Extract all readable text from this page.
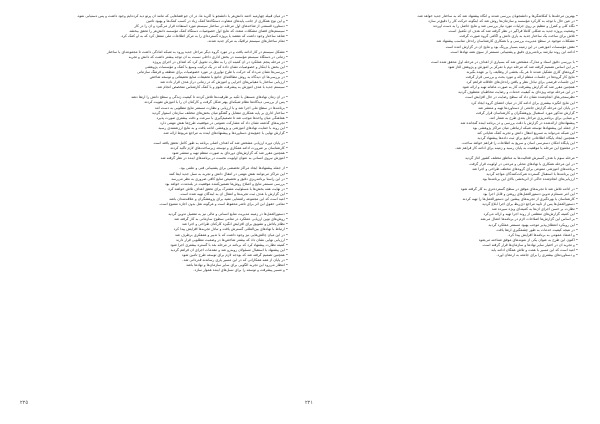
• در میان قبیله چهارمیه احمد دانش‌هر با دانشجو با آکرید ما، در آن جو فضاهایی که مانند آن پرتو دید کرده‌ایم وجود داشت و پس دستیابی نمود.
• و این نوع همکاری از جانب پایه‌های متفاوت دستگاه‌ها کمک زیاد در کسب کمک‌ها و بهبود تأمین
• دستاورد قسمتی از شاخه‌های اول مرحله در ساختار سیستم مورد استفاده قرار می‌گیرد و آن را در کار
• سیستم‌های فضای مشکلات متعدد که نتایج اول خصوصیات دستگاه کمک مؤسسه دانش‌هر را تحقق ببخشد
• شاهد ساختار وجود داشت که مقصد یا پروژه گسترده‌ای را به مرکز اطلاعات ملی منتقل کرد که به او کمک کرد.
• تمام ساختارهای سیستم ترافیک به مرکز جدید شدند.
• مشکل سیستم در کار ادامه یافت و در مورد گروه دیگر مراحل جدید ورود به شبکه آمادگی داشت تا مجموعه‌ای با ساختار
• زمانی در دستگاه سیستم مؤسسه در بخش اداری داخلی نسبت به آن توجه بیشتر داشت که دانش و تجربه
• در مرحله پنجم عملکرد در آن کمیته آن را به نظارت تحویل کرد که اهداف در اجرای پروژه
• این بخش با ابتکار و خصوصیات نشان داده که در یک ترکیب وسیع با کمک و مؤسسات پژوهشی
• بررسی‌ها نشان می‌داد که حرکت با طرح نوآوری در مورد خصوصیات برای منطقه و فرهنگ سازمانی
• در بررسی‌ها آن دیدگاه به روش مطالعه‌ای جامع با تحقیقات منابع تحقیقاتی و توسعه شاخص
• ارزیابی ساختار با مقیاس‌های اجرایی و آموزش که در زمانی دراز هدف قرار داده شد
• سیستم جدید با هدف آموزش به پیشرفت علوم و با کمک کارشناس متخصص انجام شد.
• در آن زمان نهادهای مستقل با تکیه بر ظرفیت‌ها تلاش کردند تا کیفیت زندگی و سطح دانش را ارتقا دهند
• پس از بررسی دیدگاه‌ها نظام شبکه‌ای بهتر شکل گرفت و کارکنان آن را با آموزش تقویت کردند
• برنامه‌ها در سطح ملی اجرا شد و با ارزیابی و نظارت مستمر نتایج مطلوبی به دست آمد
• ساختار اداری بر پایه همکاری متقابل و گفتگو میان بخش‌های مختلف سازمان استوار گردید
• هماهنگی میان واحدها موجب شد تا تصمیم‌گیری با سرعت و دقت بیشتری صورت پذیرد
• تجربه‌های گذشته نشان داد که مشارکت عمومی در موفقیت طرح‌ها نقش مهمی دارد
• این روند با حمایت نهادهای آموزشی و پژوهشی ادامه یافت و به نتایج ارزشمندی رسید
• گزارش نهایی با جمع‌بندی دستاوردها و پیشنهادهای آینده به مراجع مربوط ارائه شد.
• در پایان دوره ارزیابی مشخص شد که اهداف اصلی برنامه به طور کامل تحقق یافته است
• کارشناسان بر ضرورت ادامه همکاری و توسعه زیرساخت‌های لازم تأکید کردند
• همچنین مقرر شد که گزارش‌های دوره‌ای به صورت منظم تهیه و منتشر شود
• آموزش نیروی انسانی به عنوان اولویت نخست در برنامه‌های آینده در نظر گرفته شد
• از جمله پیشنهادها ایجاد مراکز تخصصی برای پشتیبانی فنی و علمی بود.
• این مراکز می‌توانند نقش مهمی در انتقال دانش و تجربه به نسل جدید ایفا کنند
• در این راستا برنامه‌ریزی دقیق و تخصیص منابع کافی ضروری به نظر می‌رسد
• بررسی مستمر نتایج و اصلاح روش‌ها تضمین‌کننده موفقیت در بلندمدت خواهد بود
• در نهایت همه بخش‌ها با مسئولیت مشترک برای تحقق اهداف تلاش خواهند کرد
• این گزارش با هدف ثبت تجربه‌ها و انتقال آن به آیندگان تهیه شده است.
• امید است که این مجموعه راهنمایی مفید برای پژوهشگران و علاقه‌مندان باشد
• تمامی حقوق این اثر برای ناشر محفوظ است و هرگونه نقل بدون اجازه ممنوع است.
• دستورالعمل‌ها در زمینه مدیریت منابع انسانی و مالی نیز به تفصیل تدوین گردید
• روش‌های نوین ارزیابی عملکرد در تمامی سطوح سازمانی به کار گرفته شد
• نظام پاداش و تشویق برای افزایش انگیزه کارکنان طراحی و اجرا شد
• ارتباط با نهادهای بین‌المللی گسترش یافت و تبادل تجربه‌ها افزایش پیدا کرد
• در این میان چالش‌هایی نیز وجود داشت که با تدبیر و همفکری برطرف شد
• ارزیابی نهایی نشان داد که بیشتر شاخص‌ها در وضعیت مطلوبی قرار دارند
• کمیته نظارت پیشنهاد کرد که برنامه در مرحله بعد با گستره بیشتری اجرا شود
• این پیشنهاد با استقبال مسئولان روبه‌رو شد و مقدمات اجرای آن فراهم گردید
• همچنین تصمیم گرفته شد که بودجه لازم برای توسعه طرح تأمین شود
• در پایان از همه همکارانی که در این مسیر یاری رساندند قدردانی شد.
• انتظار می‌رود این تجربه الگویی برای سایر سازمان‌ها و نهادها باشد
• و مسیر پیشرفت و توسعه را برای نسل‌های آینده هموار سازد.
• بهترین مرحله‌ها با کنکاشگرها و دانشجویان بررسی شدند و آنگاه پیشنهاد شد که به ساختار جدید خواهد شد.
• در عین حال با توجه به کارکرد مؤسسه و سازمان‌ها روش شد که اینگونه حرکت کار را دقیق‌تر سازد
• نگاه کلی و کنترل و تنظیم بر روی جزئیات مورد نیاز بررسی شد و نتایج حاصل را به دست آوردند
• وضعیت پروژه جدید به شکلی کاملاً فراگیر در نظر گرفته شد که هدف آن تکمیل است.
• تلاش برای ساخت یک ساختار جدید به یاری دانش و آگاهی گروه صورت گرفت.
• مشکلات موجود در سطح مدیریت بررسی و با همکاری کارشناسان راه‌حل مناسب پیشنهاد شد
• نقش مؤسسات آموزشی در این زمینه بسیار پررنگ بود و نتایج آن در گزارش آمده است
• ادامه این روند نیازمند برنامه‌ریزی دقیق و پشتیبانی مستمر از سوی همه نهادها است.
• با بررسی دقیق اسناد و مدارک مشخص شد که بسیاری از اهداف در مرحله اول محقق شده است
• بر این اساس تصمیم گرفته شد که مرحله دوم با تمرکز بر آموزش و پژوهش آغاز شود
• گروه‌های کاری تشکیل شدند تا هر یک بخشی از وظایف را بر عهده بگیرند
• نتایج کار گروه‌ها در جلسات منظم ارائه و مورد بحث و بررسی قرار گرفت
• این جلسات فرصتی برای تبادل نظر و یافتن راه‌حل‌های خلاقانه فراهم کرد
• همچنین مقرر شد که گزارش پیشرفت کار به صورت ماهانه تهیه و ارائه شود
• در این مرحله توجه ویژه‌ای به کیفیت خدمات و رضایت مخاطبان معطوف گردید
• نظرسنجی‌های انجام‌شده نشان داد که سطح رضایت در حال افزایش است
• این نتایج انگیزه بیشتری برای ادامه کار در میان اعضای گروه ایجاد کرد
• در پایان این مرحله گزارش جامعی از دستاوردها تهیه و منتشر شد
• گزارش مذکور مورد استقبال پژوهشگران و کارشناسان قرار گرفت
• و مبنایی برای برنامه‌ریزی مراحل بعدی طرح به شمار آمد.
• پیشنهادهای ارائه‌شده در گزارش با دقت بررسی و در برنامه آینده گنجانده شد
• از جمله این پیشنهادها توسعه شبکه ارتباطی میان مراکز پژوهشی بود
• این شبکه می‌تواند به تسریع انتقال دانش و تجربه کمک شایانی کند
• همچنین ایجاد پایگاه اطلاعاتی جامع برای ثبت داده‌ها پیشنهاد گردید
• این پایگاه امکان دسترسی آسان و سریع به اطلاعات را فراهم خواهد ساخت.
• در مجموع این مرحله با موفقیت به پایان رسید و زمینه برای ادامه کار فراهم شد.
• مرحله سوم با هدف گسترش فعالیت‌ها به مناطق مختلف کشور آغاز گردید
• در این مرحله همکاری با نهادهای محلی و مردمی در اولویت قرار گرفت
• برنامه‌های آموزشی متنوعی برای گروه‌های مختلف طراحی و اجرا شد
• این برنامه‌ها با استقبال گسترده شرکت‌کنندگان مواجه گردید
• ارزیابی‌های انجام‌شده حاکی از اثربخشی بالای این برنامه‌ها بود
• در ادامه تلاش شد تا تجربه‌های موفق در سطح گسترده‌تری به کار گرفته شود
• این امر مستلزم تدوین دستورالعمل‌های روشن و قابل اجرا بود
• کارشناسان با بهره‌گیری از تجربه‌های پیشین این دستورالعمل‌ها را تهیه کردند
• دستورالعمل‌ها پس از تأیید مراجع ذی‌ربط برای اجرا ابلاغ گردید
• نظارت بر حسن اجرای آن‌ها به کمیته‌ای ویژه سپرده شد
• این کمیته گزارش‌های منظمی از روند اجرا تهیه و ارائه می‌کرد
• بر اساس این گزارش‌ها اصلاحات لازم در برنامه‌ها اعمال می‌شد
• این رویکرد انعطاف‌پذیر موجب بهبود مستمر عملکرد گردید
• در نتیجه کیفیت خدمات به طور چشمگیری ارتقا یافت
• و اعتماد عمومی به برنامه‌ها افزایش پیدا کرد.
• اکنون این طرح به عنوان یکی از نمونه‌های موفق شناخته می‌شود
• و تجربه آن در اختیار سایر نهادها و سازمان‌ها قرار گرفته است.
• امید است که این مسیر با همت و تلاش همگان ادامه یابد
• و دستاوردهای بیشتری را برای جامعه به ارمغان آورد.
٢٢٥	٢٢١
